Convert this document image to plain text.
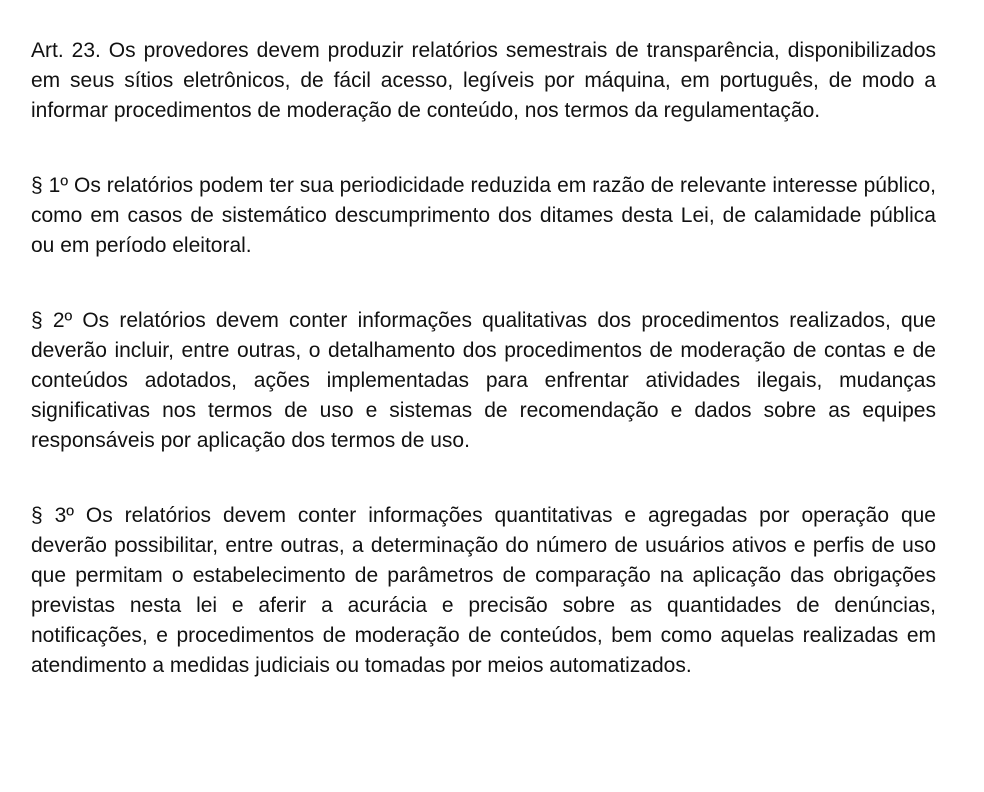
Art. 23. Os provedores devem produzir relatórios semestrais de transparência, disponibilizados em seus sítios eletrônicos, de fácil acesso, legíveis por máquina, em português, de modo a informar procedimentos de moderação de conteúdo, nos termos da regulamentação.

§ 1º Os relatórios podem ter sua periodicidade reduzida em razão de relevante interesse público, como em casos de sistemático descumprimento dos ditames desta Lei, de calamidade pública ou em período eleitoral.

§ 2º Os relatórios devem conter informações qualitativas dos procedimentos realizados, que deverão incluir, entre outras, o detalhamento dos procedimentos de moderação de contas e de conteúdos adotados, ações implementadas para enfrentar atividades ilegais, mudanças significativas nos termos de uso e sistemas de recomendação e dados sobre as equipes responsáveis por aplicação dos termos de uso.

§ 3º Os relatórios devem conter informações quantitativas e agregadas por operação que deverão possibilitar, entre outras, a determinação do número de usuários ativos e perfis de uso que permitam o estabelecimento de parâmetros de comparação na aplicação das obrigações previstas nesta lei e aferir a acurácia e precisão sobre as quantidades de denúncias, notificações, e procedimentos de moderação de conteúdos, bem como aquelas realizadas em atendimento a medidas judiciais ou tomadas por meios automatizados.
